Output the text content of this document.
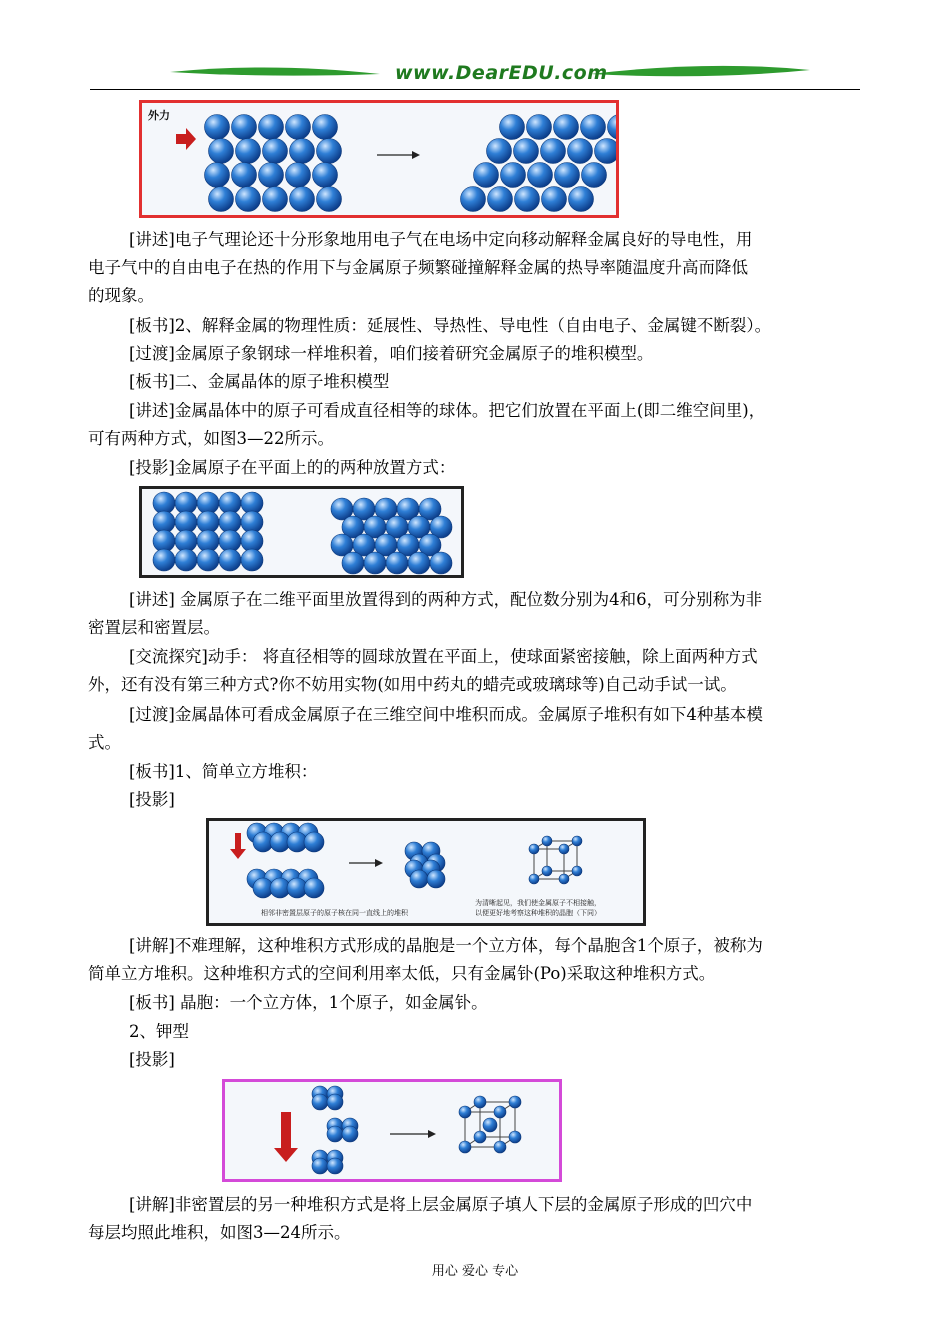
www.DearEDU.com
外力
相邻非密置层原子的原子核在同一直线上的堆积
为清晰起见，我们使金属原子不相接触，
以便更好地考察这种堆积的晶胞（下同）
[讲述]电子气理论还十分形象地用电子气在电场中定向移动解释金属良好的导电性，用
电子气中的自由电子在热的作用下与金属原子频繁碰撞解释金属的热导率随温度升高而降低
的现象。
[板书]2、解释金属的物理性质：延展性、导热性、导电性（自由电子、金属键不断裂）。
[过渡]金属原子象钢球一样堆积着，咱们接着研究金属原子的堆积模型。
[板书]二、金属晶体的原子堆积模型
[讲述]金属晶体中的原子可看成直径相等的球体。把它们放置在平面上(即二维空间里)，
可有两种方式，如图3—22所示。
[投影]金属原子在平面上的的两种放置方式：
[讲述] 金属原子在二维平面里放置得到的两种方式，配位数分别为4和6，可分别称为非
密置层和密置层。
[交流探究]动手： 将直径相等的圆球放置在平面上，使球面紧密接触，除上面两种方式
外，还有没有第三种方式?你不妨用实物(如用中药丸的蜡壳或玻璃球等)自己动手试一试。
[过渡]金属晶体可看成金属原子在三维空间中堆积而成。金属原子堆积有如下4种基本模
式。
[板书]1、简单立方堆积：
[投影]
[讲解]不难理解，这种堆积方式形成的晶胞是一个立方体，每个晶胞含1个原子，被称为
简单立方堆积。这种堆积方式的空间利用率太低，只有金属钋(Po)采取这种堆积方式。
[板书] 晶胞：一个立方体，1个原子，如金属钋。
2、钾型
[投影]
[讲解]非密置层的另一种堆积方式是将上层金属原子填人下层的金属原子形成的凹穴中
每层均照此堆积，如图3—24所示。
用心 爱心 专心
